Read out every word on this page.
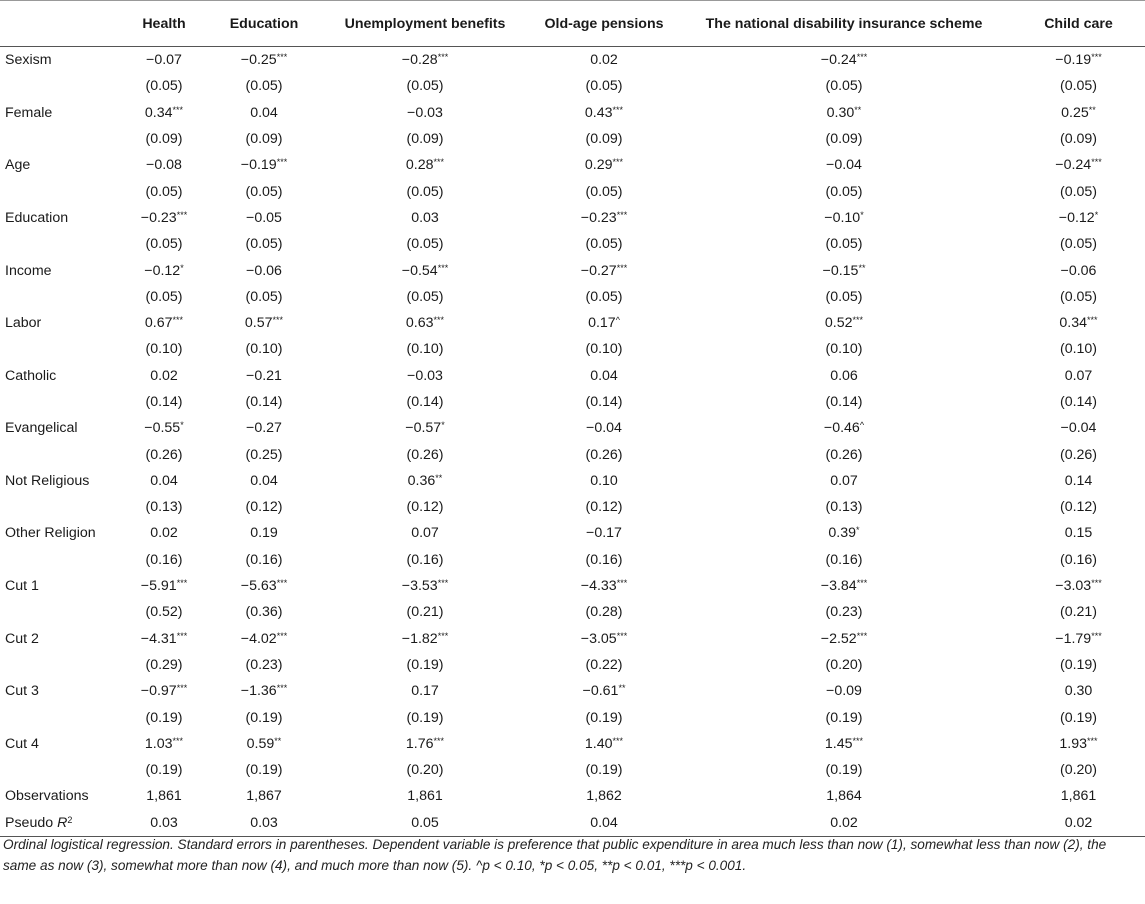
	Health	Education	Unemployment benefits	Old-age pensions	The national disability insurance scheme	Child care
Sexism	−0.07	−0.25***	−0.28***	0.02	−0.24***	−0.19***
	(0.05)	(0.05)	(0.05)	(0.05)	(0.05)	(0.05)
Female	0.34***	0.04	−0.03	0.43***	0.30**	0.25**
	(0.09)	(0.09)	(0.09)	(0.09)	(0.09)	(0.09)
Age	−0.08	−0.19***	0.28***	0.29***	−0.04	−0.24***
	(0.05)	(0.05)	(0.05)	(0.05)	(0.05)	(0.05)
Education	−0.23***	−0.05	0.03	−0.23***	−0.10*	−0.12*
	(0.05)	(0.05)	(0.05)	(0.05)	(0.05)	(0.05)
Income	−0.12*	−0.06	−0.54***	−0.27***	−0.15**	−0.06
	(0.05)	(0.05)	(0.05)	(0.05)	(0.05)	(0.05)
Labor	0.67***	0.57***	0.63***	0.17^	0.52***	0.34***
	(0.10)	(0.10)	(0.10)	(0.10)	(0.10)	(0.10)
Catholic	0.02	−0.21	−0.03	0.04	0.06	0.07
	(0.14)	(0.14)	(0.14)	(0.14)	(0.14)	(0.14)
Evangelical	−0.55*	−0.27	−0.57*	−0.04	−0.46^	−0.04
	(0.26)	(0.25)	(0.26)	(0.26)	(0.26)	(0.26)
Not Religious	0.04	0.04	0.36**	0.10	0.07	0.14
	(0.13)	(0.12)	(0.12)	(0.12)	(0.13)	(0.12)
Other Religion	0.02	0.19	0.07	−0.17	0.39*	0.15
	(0.16)	(0.16)	(0.16)	(0.16)	(0.16)	(0.16)
Cut 1	−5.91***	−5.63***	−3.53***	−4.33***	−3.84***	−3.03***
	(0.52)	(0.36)	(0.21)	(0.28)	(0.23)	(0.21)
Cut 2	−4.31***	−4.02***	−1.82***	−3.05***	−2.52***	−1.79***
	(0.29)	(0.23)	(0.19)	(0.22)	(0.20)	(0.19)
Cut 3	−0.97***	−1.36***	0.17	−0.61**	−0.09	0.30
	(0.19)	(0.19)	(0.19)	(0.19)	(0.19)	(0.19)
Cut 4	1.03***	0.59**	1.76***	1.40***	1.45***	1.93***
	(0.19)	(0.19)	(0.20)	(0.19)	(0.19)	(0.20)
Observations	1,861	1,867	1,861	1,862	1,864	1,861
Pseudo $R^2$	0.03	0.03	0.05	0.04	0.02	0.02
Ordinal logistical regression. Standard errors in parentheses. Dependent variable is preference that public expenditure in area much less than now (1), somewhat less than now (2), the same as now (3), somewhat more than now (4), and much more than now (5). ^p < 0.10, *p < 0.05, **p < 0.01, ***p < 0.001.
